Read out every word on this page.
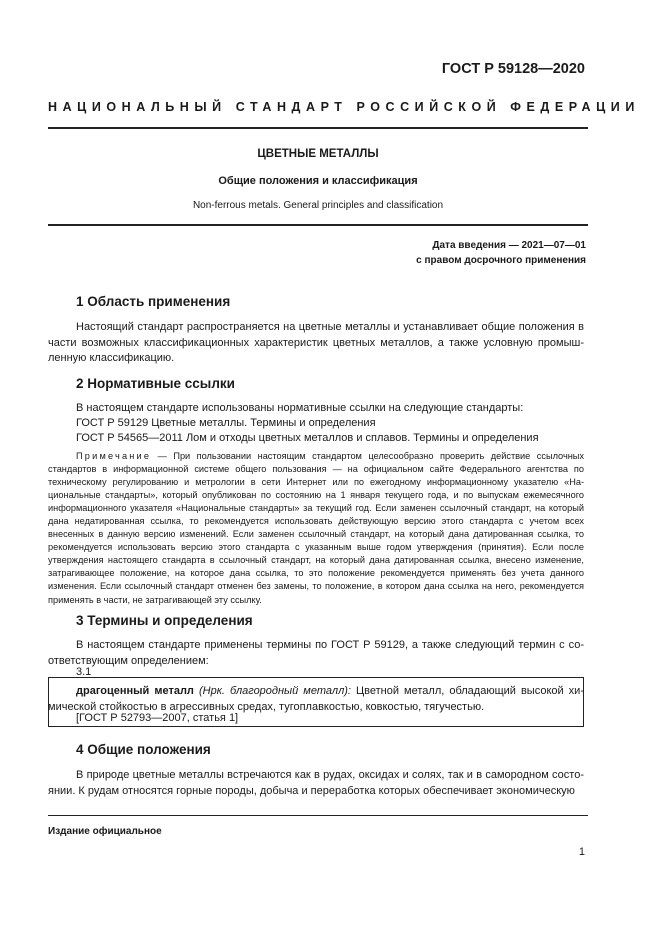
ГОСТ Р 59128—2020
НАЦИОНАЛЬНЫЙ СТАНДАРТ РОССИЙСКОЙ ФЕДЕРАЦИИ
ЦВЕТНЫЕ МЕТАЛЛЫ
Общие положения и классификация
Non-ferrous metals. General principles and classification
Дата введения — 2021—07—01
с правом досрочного применения
1 Область применения
Настоящий стандарт распространяется на цветные металлы и устанавливает общие положения в части возможных классификационных характеристик цветных металлов, а также условную промышленную классификацию.
2 Нормативные ссылки
В настоящем стандарте использованы нормативные ссылки на следующие стандарты:
ГОСТ Р 59129 Цветные металлы. Термины и определения
ГОСТ Р 54565—2011 Лом и отходы цветных металлов и сплавов. Термины и определения
Примечание — При пользовании настоящим стандартом целесообразно проверить действие ссылочных стандартов в информационной системе общего пользования — на официальном сайте Федерального агентства по техническому регулированию и метрологии в сети Интернет или по ежегодному информационному указателю «Национальные стандарты», который опубликован по состоянию на 1 января текущего года, и по выпускам ежемесячного информационного указателя «Национальные стандарты» за текущий год. Если заменен ссылочный стандарт, на который дана недатированная ссылка, то рекомендуется использовать действующую версию этого стандарта с учетом всех внесенных в данную версию изменений. Если заменен ссылочный стандарт, на который дана датированная ссылка, то рекомендуется использовать версию этого стандарта с указанным выше годом утверждения (принятия). Если после утверждения настоящего стандарта в ссылочный стандарт, на который дана датированная ссылка, внесено изменение, затрагивающее положение, на которое дана ссылка, то это положение рекомендуется применять без учета данного изменения. Если ссылочный стандарт отменен без замены, то положение, в котором дана ссылка на него, рекомендуется применять в части, не затрагивающей эту ссылку.
3 Термины и определения
В настоящем стандарте применены термины по ГОСТ Р 59129, а также следующий термин с соответствующим определением:
3.1
драгоценный металл (Нрк. благородный металл): Цветной металл, обладающий высокой химической стойкостью в агрессивных средах, тугоплавкостью, ковкостью, тягучестью.
[ГОСТ Р 52793—2007, статья 1]
4 Общие положения
В природе цветные металлы встречаются как в рудах, оксидах и солях, так и в самородном состоянии. К рудам относятся горные породы, добыча и переработка которых обеспечивает экономическую
Издание официальное
1
